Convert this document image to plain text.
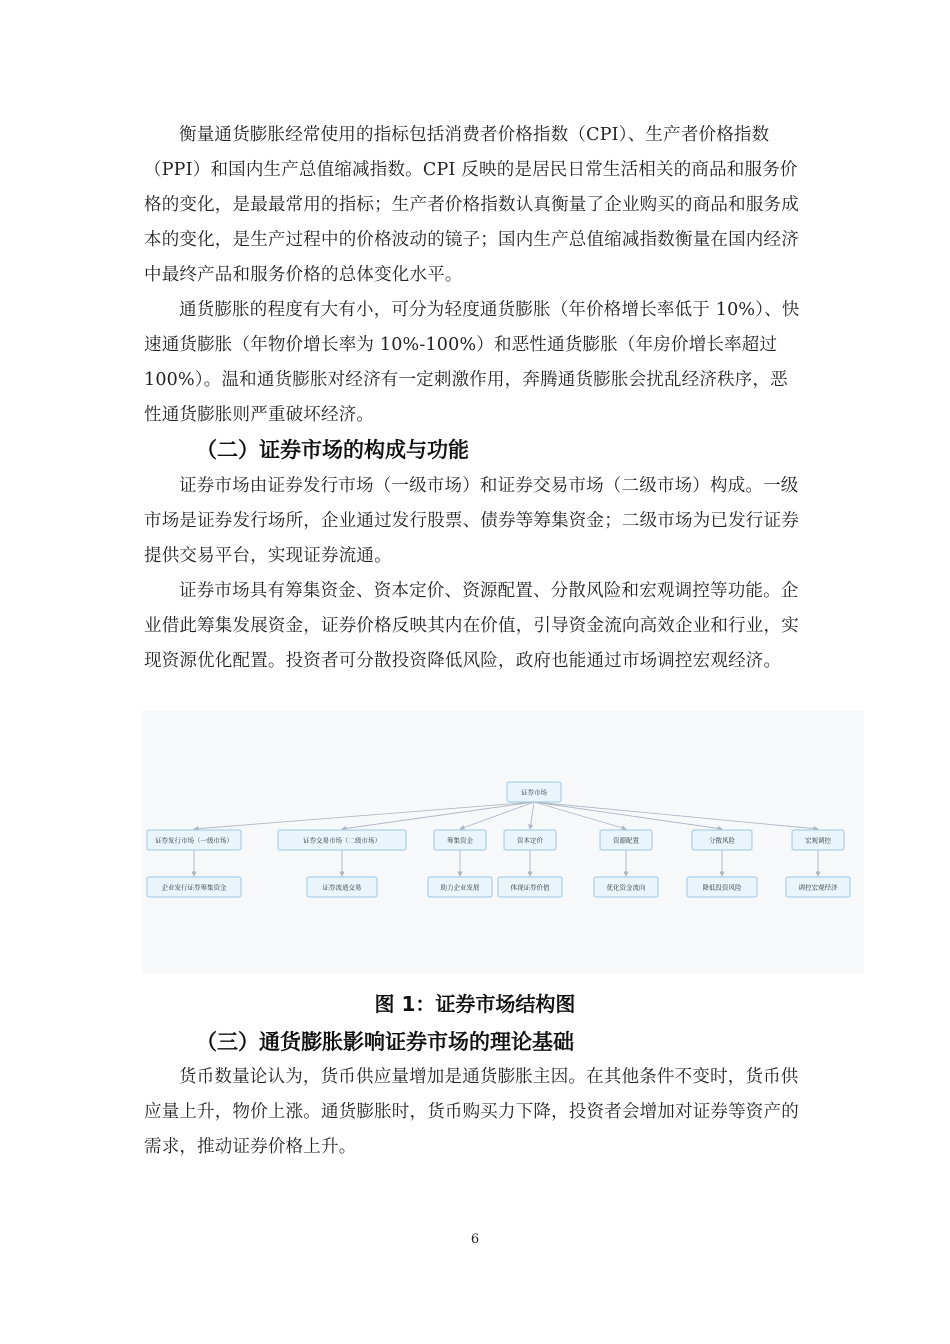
衡量通货膨胀经常使用的指标包括消费者价格指数（CPI）、生产者价格指数（PPI）和国内生产总值缩减指数。CPI 反映的是居民日常生活相关的商品和服务价格的变化，是最最常用的指标；生产者价格指数认真衡量了企业购买的商品和服务成本的变化，是生产过程中的价格波动的镜子；国内生产总值缩减指数衡量在国内经济中最终产品和服务价格的总体变化水平。

通货膨胀的程度有大有小，可分为轻度通货膨胀（年价格增长率低于 10%）、快速通货膨胀（年物价增长率为 10%-100%）和恶性通货膨胀（年房价增长率超过 100%）。温和通货膨胀对经济有一定刺激作用，奔腾通货膨胀会扰乱经济秩序，恶性通货膨胀则严重破坏经济。

（二）证券市场的构成与功能

证券市场由证券发行市场（一级市场）和证券交易市场（二级市场）构成。一级市场是证券发行场所，企业通过发行股票、债券等筹集资金；二级市场为已发行证券提供交易平台，实现证券流通。

证券市场具有筹集资金、资本定价、资源配置、分散风险和宏观调控等功能。企业借此筹集发展资金，证券价格反映其内在价值，引导资金流向高效企业和行业，实现资源优化配置。投资者可分散投资降低风险，政府也能通过市场调控宏观经济。

证券市场
证券发行市场（一级市场）	证券交易市场（二级市场）	筹集资金	资本定价	资源配置	分散风险	宏观调控
企业发行证券筹集资金	证券流通交易	助力企业发展	体现证券价值	优化资金流向	降低投资风险	调控宏观经济

图 1：证券市场结构图

（三）通货膨胀影响证券市场的理论基础

货币数量论认为，货币供应量增加是通货膨胀主因。在其他条件不变时，货币供应量上升，物价上涨。通货膨胀时，货币购买力下降，投资者会增加对证券等资产的需求，推动证券价格上升。

6
